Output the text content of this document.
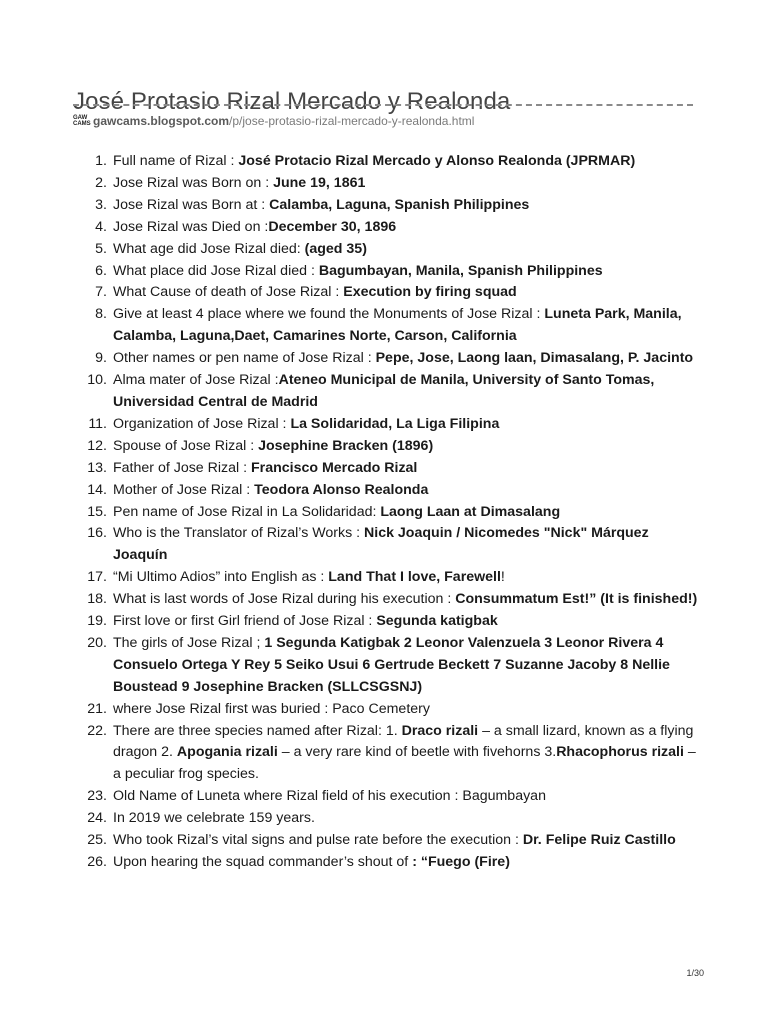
José Protasio Rizal Mercado y Realonda
GAW
CAMS gawcams.blogspot.com /p/jose-protasio-rizal-mercado-y-realonda.html
1. Full name of Rizal : José Protacio Rizal Mercado y Alonso Realonda (JPRMAR)
2. Jose Rizal was Born on : June 19, 1861
3. Jose Rizal was Born at : Calamba, Laguna, Spanish Philippines
4. Jose Rizal was Died on :December 30, 1896
5. What age did Jose Rizal died: (aged 35)
6. What place did Jose Rizal died : Bagumbayan, Manila, Spanish Philippines
7. What Cause of death of Jose Rizal : Execution by firing squad
8. Give at least 4 place where we found the Monuments of Jose Rizal : Luneta Park, Manila, Calamba, Laguna,Daet, Camarines Norte, Carson, California
9. Other names or pen name of Jose Rizal : Pepe, Jose, Laong laan, Dimasalang, P. Jacinto
10. Alma mater of Jose Rizal :Ateneo Municipal de Manila, University of Santo Tomas, Universidad Central de Madrid
11. Organization of Jose Rizal : La Solidaridad, La Liga Filipina
12. Spouse of Jose Rizal : Josephine Bracken (1896)
13. Father of Jose Rizal : Francisco Mercado Rizal
14. Mother of Jose Rizal : Teodora Alonso Realonda
15. Pen name of Jose Rizal in La Solidaridad: Laong Laan at Dimasalang
16. Who is the Translator of Rizal’s Works : Nick Joaquin / Nicomedes "Nick" Márquez Joaquín
17. “Mi Ultimo Adios” into English as : Land That I love, Farewell!
18. What is last words of Jose Rizal during his execution : Consummatum Est!” (It is finished!)
19. First love or first Girl friend of Jose Rizal : Segunda katigbak
20. The girls of Jose Rizal ; 1 Segunda Katigbak 2 Leonor Valenzuela 3 Leonor Rivera 4 Consuelo Ortega Y Rey 5 Seiko Usui 6 Gertrude Beckett 7 Suzanne Jacoby 8 Nellie Boustead 9 Josephine Bracken (SLLCSGSNJ)
21. where Jose Rizal first was buried : Paco Cemetery
22. There are three species named after Rizal: 1. Draco rizali – a small lizard, known as a flying dragon 2. Apogania rizali – a very rare kind of beetle with fivehorns 3.Rhacophorus rizali – a peculiar frog species.
23. Old Name of Luneta where Rizal field of his execution : Bagumbayan
24. In 2019 we celebrate 159 years.
25. Who took Rizal’s vital signs and pulse rate before the execution : Dr. Felipe Ruiz Castillo
26. Upon hearing the squad commander’s shout of : “Fuego (Fire)
1/30
